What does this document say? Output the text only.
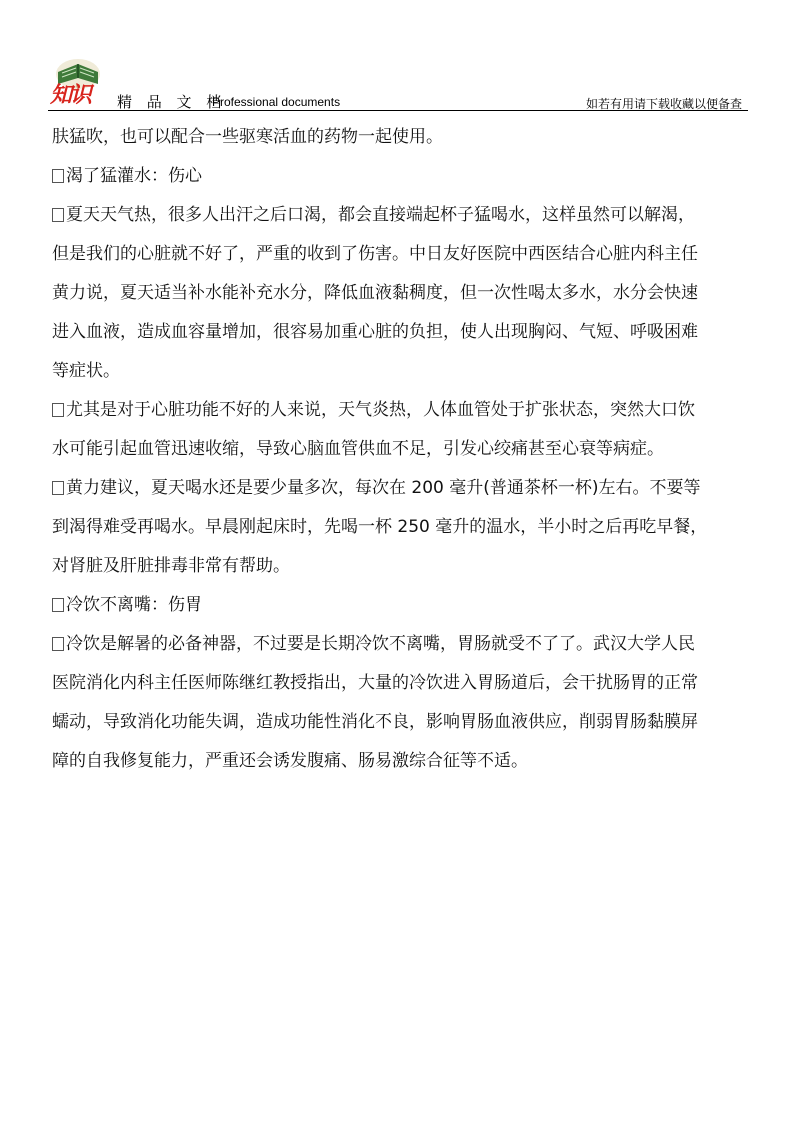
知识 精 品 文 档
Professional documents	如若有用请下载收藏以便备查

肤猛吹，也可以配合一些驱寒活血的药物一起使用。

渴了猛灌水：伤心

夏天天气热，很多人出汗之后口渴，都会直接端起杯子猛喝水，这样虽然可以解渴，
但是我们的心脏就不好了，严重的收到了伤害。中日友好医院中西医结合心脏内科主任
黄力说，夏天适当补水能补充水分，降低血液黏稠度，但一次性喝太多水，水分会快速
进入血液，造成血容量增加，很容易加重心脏的负担，使人出现胸闷、气短、呼吸困难
等症状。

尤其是对于心脏功能不好的人来说，天气炎热，人体血管处于扩张状态，突然大口饮
水可能引起血管迅速收缩，导致心脑血管供血不足，引发心绞痛甚至心衰等病症。

黄力建议，夏天喝水还是要少量多次，每次在 200 毫升(普通茶杯一杯)左右。不要等
到渴得难受再喝水。早晨刚起床时，先喝一杯 250 毫升的温水，半小时之后再吃早餐，
对肾脏及肝脏排毒非常有帮助。

冷饮不离嘴：伤胃

冷饮是解暑的必备神器，不过要是长期冷饮不离嘴，胃肠就受不了了。武汉大学人民
医院消化内科主任医师陈继红教授指出，大量的冷饮进入胃肠道后，会干扰肠胃的正常
蠕动，导致消化功能失调，造成功能性消化不良，影响胃肠血液供应，削弱胃肠黏膜屏
障的自我修复能力，严重还会诱发腹痛、肠易激综合征等不适。
